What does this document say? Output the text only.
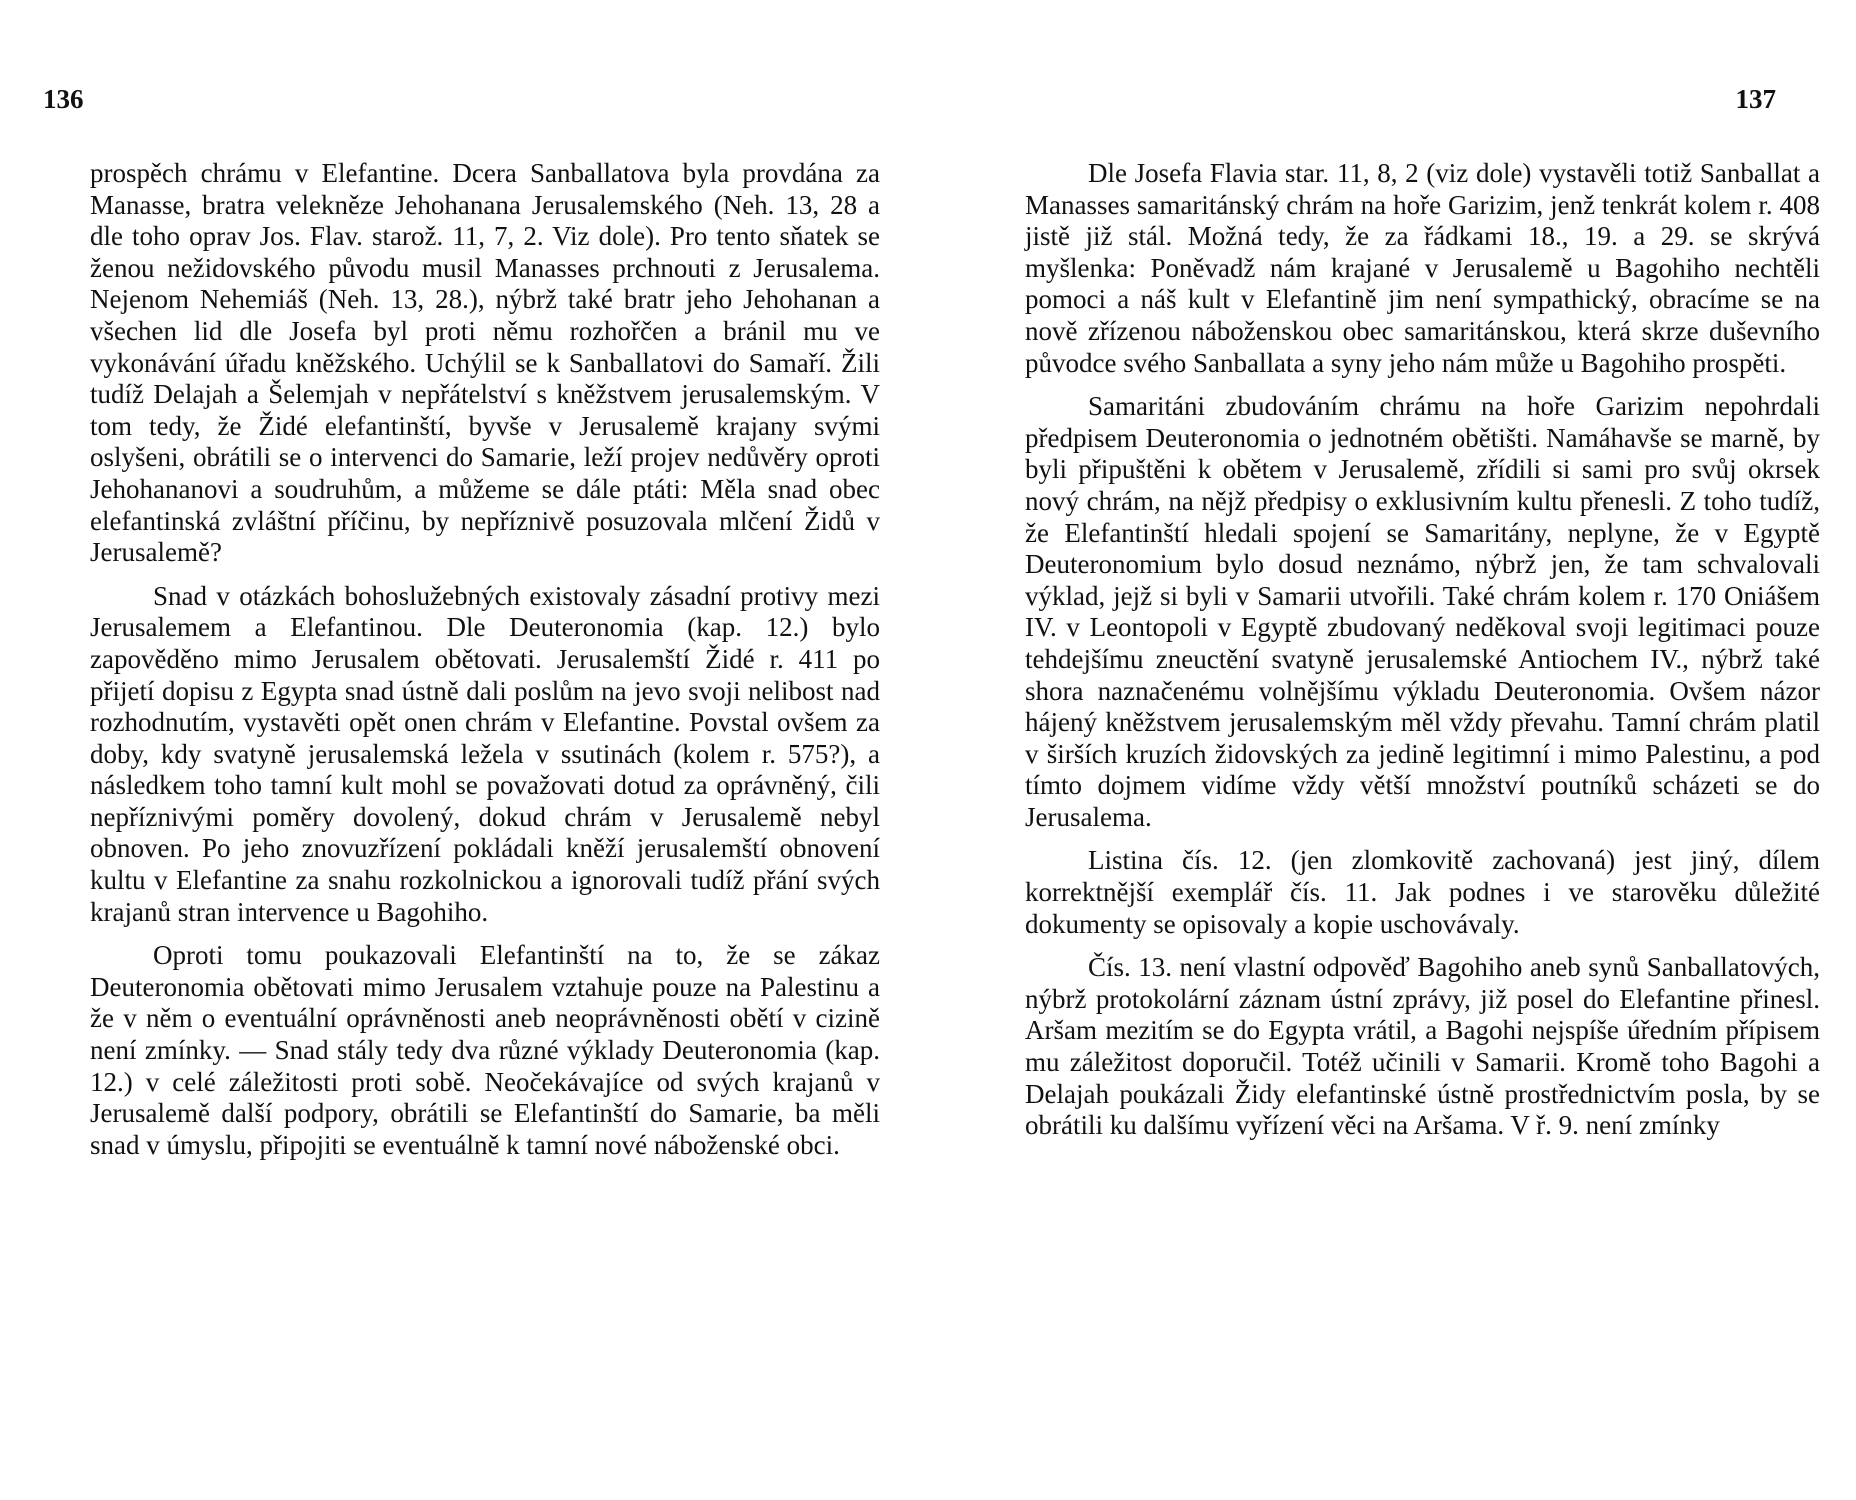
136

prospěch chrámu v Elefantine. Dcera Sanballatova byla provdána za Manasse, bratra velekněze Jehohanana Jerusalemského (Neh. 13, 28 a dle toho oprav Jos. Flav. starož. 11, 7, 2. Viz dole). Pro tento sňatek se ženou nežidovského původu musil Manasses prchnouti z Jerusalema. Nejenom Nehemiáš (Neh. 13, 28.), nýbrž také bratr jeho Jehohanan a všechen lid dle Josefa byl proti němu rozhořčen a bránil mu ve vykonávání úřadu kněžského. Uchýlil se k Sanballatovi do Samaří. Žili tudíž Delajah a Šelemjah v nepřátelství s kněžstvem jerusalemským. V tom tedy, že Židé elefantinští, byvše v Jerusalemě krajany svými oslyšeni, obrátili se o intervenci do Samarie, leží projev nedůvěry oproti Jehohananovi a soudruhům, a můžeme se dále ptáti: Měla snad obec elefantinská zvláštní příčinu, by nepříznivě posuzovala mlčení Židů v Jerusalemě?

Snad v otázkách bohoslužebných existovaly zásadní protivy mezi Jerusalemem a Elefantinou. Dle Deuteronomia (kap. 12.) bylo zapověděno mimo Jerusalem obětovati. Jerusalemští Židé r. 411 po přijetí dopisu z Egypta snad ústně dali poslům na jevo svoji nelibost nad rozhodnutím, vystavěti opět onen chrám v Elefantine. Povstal ovšem za doby, kdy svatyně jerusalemská ležela v ssutinách (kolem r. 575?), a následkem toho tamní kult mohl se považovati dotud za oprávněný, čili nepříznivými poměry dovolený, dokud chrám v Jerusalemě nebyl obnoven. Po jeho znovuzřízení pokládali kněží jerusalemští obnovení kultu v Elefantine za snahu rozkolnickou a ignorovali tudíž přání svých krajanů stran intervence u Bagohiho.

Oproti tomu poukazovali Elefantinští na to, že se zákaz Deuteronomia obětovati mimo Jerusalem vztahuje pouze na Palestinu a že v něm o eventuální oprávněnosti aneb neoprávněnosti obětí v cizině není zmínky. — Snad stály tedy dva různé výklady Deuteronomia (kap. 12.) v celé záležitosti proti sobě. Neočekávajíce od svých krajanů v Jerusalemě další podpory, obrátili se Elefantinští do Samarie, ba měli snad v úmyslu, připojiti se eventuálně k tamní nové náboženské obci.

137

Dle Josefa Flavia star. 11, 8, 2 (viz dole) vystavěli totiž Sanballat a Manasses samaritánský chrám na hoře Garizim, jenž tenkrát kolem r. 408 jistě již stál. Možná tedy, že za řádkami 18., 19. a 29. se skrývá myšlenka: Poněvadž nám krajané v Jerusalemě u Bagohiho nechtěli pomoci a náš kult v Elefantině jim není sympathický, obracíme se na nově zřízenou náboženskou obec samaritánskou, která skrze duševního původce svého Sanballata a syny jeho nám může u Bagohiho prospěti.

Samaritáni zbudováním chrámu na hoře Garizim nepohrdali předpisem Deuteronomia o jednotném obětišti. Namáhavše se marně, by byli připuštěni k obětem v Jerusalemě, zřídili si sami pro svůj okrsek nový chrám, na nějž předpisy o exklusivním kultu přenesli. Z toho tudíž, že Elefantinští hledali spojení se Samaritány, neplyne, že v Egyptě Deuteronomium bylo dosud neznámo, nýbrž jen, že tam schvalovali výklad, jejž si byli v Samarii utvořili. Také chrám kolem r. 170 Oniášem IV. v Leontopoli v Egyptě zbudovaný neděkoval svoji legitimaci pouze tehdejšímu zneuctění svatyně jerusalemské Antiochem IV., nýbrž také shora naznačenému volnějšímu výkladu Deuteronomia. Ovšem názor hájený kněžstvem jerusalemským měl vždy převahu. Tamní chrám platil v širších kruzích židovských za jedině legitimní i mimo Palestinu, a pod tímto dojmem vidíme vždy větší množství poutníků scházeti se do Jerusalema.

Listina čís. 12. (jen zlomkovitě zachovaná) jest jiný, dílem korrektnější exemplář čís. 11. Jak podnes i ve starověku důležité dokumenty se opisovaly a kopie uschovávaly.

Čís. 13. není vlastní odpověď Bagohiho aneb synů Sanballatových, nýbrž protokolární záznam ústní zprávy, již posel do Elefantine přinesl. Aršam mezitím se do Egypta vrátil, a Bagohi nejspíše úředním přípisem mu záležitost doporučil. Totéž učinili v Samarii. Kromě toho Bagohi a Delajah poukázali Židy elefantinské ústně prostřednictvím posla, by se obrátili ku dalšímu vyřízení věci na Aršama. V ř. 9. není zmínky
